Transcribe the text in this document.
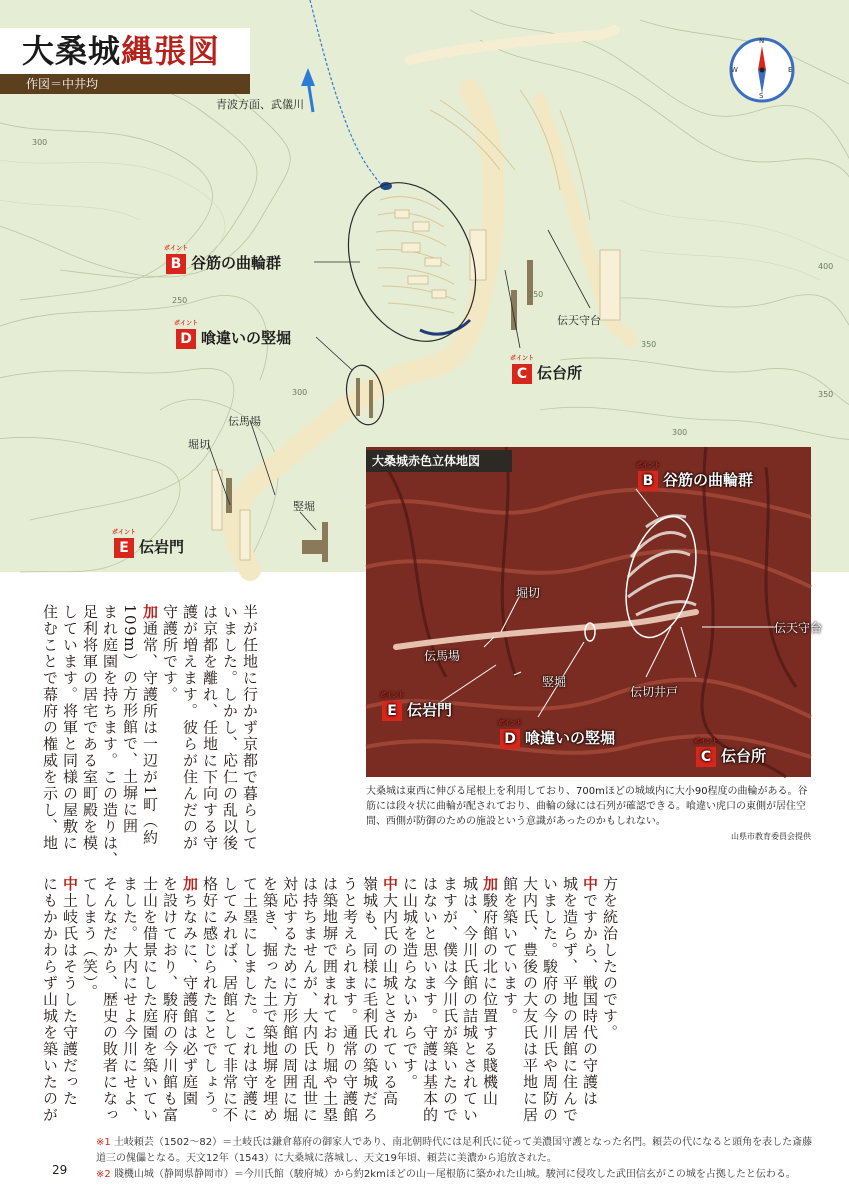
300
250
300
250
350
300
400
350
大桑城縄張図
作図＝中井均
青波方面、武儀川
ポイント
B 谷筋の曲輪群
ポイント
D 喰違いの竪堀
ポイント
C 伝台所
ポイント
E 伝岩門
伝天守台
伝馬場
堀切
竪堀
N
S
E
W
ポイント
B 谷筋の曲輪群
ポイント
E 伝岩門
ポイント
D 喰違いの竪堀	ポイント
C 伝台所
堀切
伝馬場
竪堀
伝切井戸
伝天守台
大桑城赤色立体地図
大桑城は東西に伸びる尾根上を利用しており、700mほどの城域内に大小90程度の曲輪がある。谷筋には段々状に曲輪が配されており、曲輪の縁には石列が確認できる。喰違い虎口の東側が居住空間、西側が防御のための施設という意識があったのかもしれない。
山県市教育委員会提供
半が任地に行かず京都で暮らして
いました。しかし、応仁の乱以後
は京都を離れ、任地に下向する守
護が増えます。彼らが住んだのが
守護所です。
加通常、守護所は一辺が1町（約
109m）の方形館で、土塀に囲
まれ庭園を持ちます。この造りは、
足利将軍の居宅である室町殿を模
しています。将軍と同様の屋敷に
住むことで幕府の権威を示し、地
方を統治したのです。
中ですから、戦国時代の守護は
城を造らず、平地の居館に住んで
いました。駿府の今川氏や周防の
大内氏、豊後の大友氏は平地に居
館を築いています。
加駿府館の北に位置する賤機山
城は、今川氏館の詰城とされてい
ますが、僕は今川氏が築いたので
はないと思います。守護は基本的
に山城を造らないからです。
中大内氏の山城とされている高
嶺城も、同様に毛利氏の築城だろ
うと考えられます。通常の守護館
は築地塀で囲まれており堀や土塁
は持ちませんが、大内氏は乱世に
対応するために方形館の周囲に堀
を築き、掘った土で築地塀を埋め
て土塁にしました。これは守護に
してみれば、居館として非常に不
格好に感じられたことでしょう。
加ちなみに、守護館は必ず庭園
を設けており、駿府の今川館も富
士山を借景にした庭園を築いてい
ました。大内にせよ今川にせよ、
そんなだから、歴史の敗者になっ
てしまう（笑）。
中土岐氏はそうした守護だった
にもかかわらず山城を築いたのが
※1 土岐頼芸（1502〜82）＝土岐氏は鎌倉幕府の御家人であり、南北朝時代には足利氏に従って美濃国守護となった名門。頼芸の代になると頭角を表した斎藤道三の傀儡となる。天文12年（1543）に大桑城に落城し、天文19年頃、頼芸に美濃から追放された。
※2 賤機山城（静岡県静岡市）＝今川氏館（駿府城）から約2kmほどの山－尾根筋に築かれた山城。駿河に侵攻した武田信玄がこの城を占拠したと伝わる。
29
